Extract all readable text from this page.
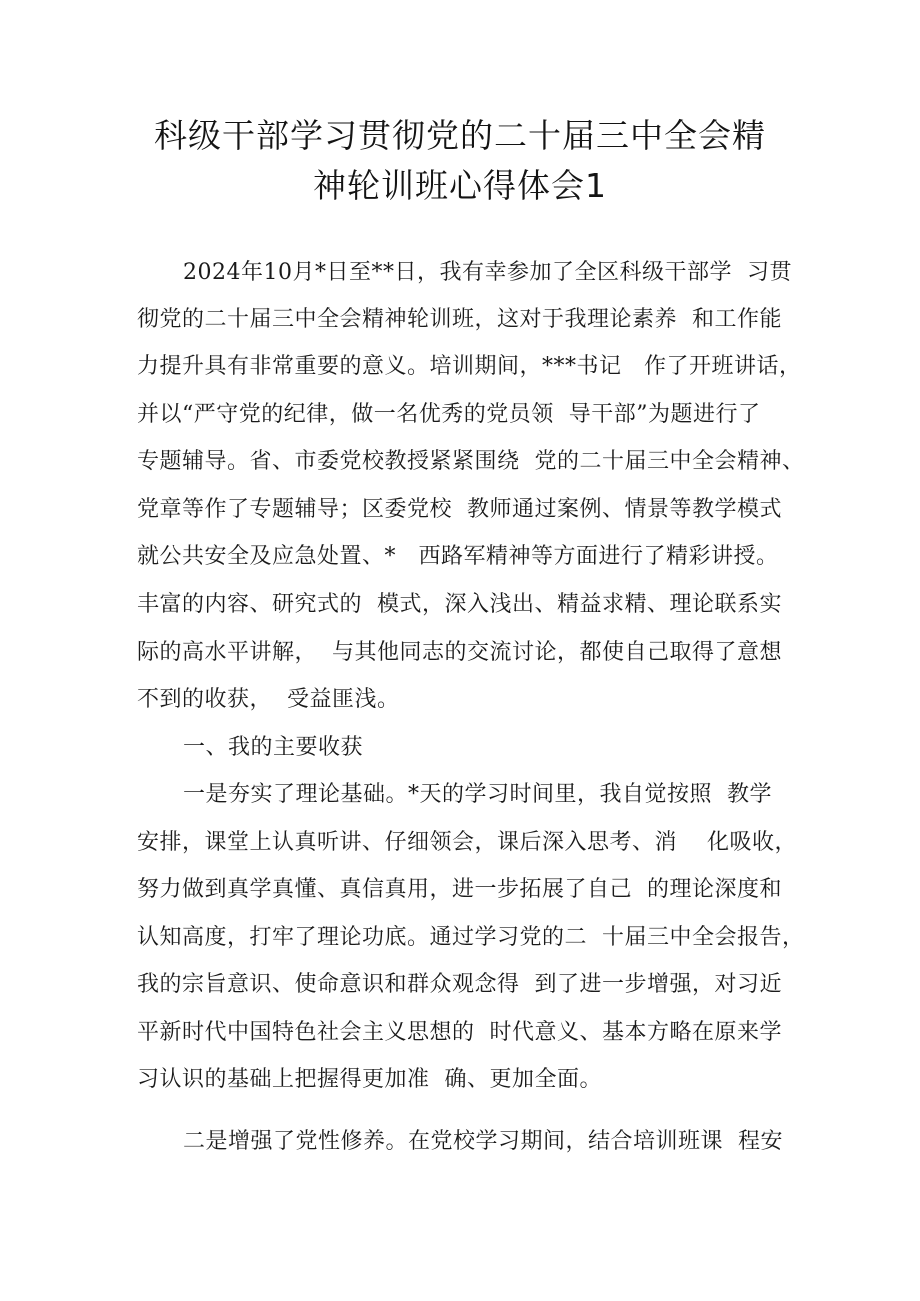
科级干部学习贯彻党的二十届三中全会精
神轮训班心得体会1

2024年10月*日至**日，我有幸参加了全区科级干部学  习贯

彻党的二十届三中全会精神轮训班，这对于我理论素养  和工作能

力提升具有非常重要的意义。培训期间，***书记   作了开班讲话，

并以“严守党的纪律，做一名优秀的党员领  导干部”为题进行了

专题辅导。省、市委党校教授紧紧围绕  党的二十届三中全会精神、

党章等作了专题辅导；区委党校  教师通过案例、情景等教学模式

就公共安全及应急处置、*   西路军精神等方面进行了精彩讲授。

丰富的内容、研究式的  模式，深入浅出、精益求精、理论联系实

际的高水平讲解，  与其他同志的交流讨论，都使自己取得了意想

不到的收获，  受益匪浅。

一、我的主要收获

一是夯实了理论基础。*天的学习时间里，我自觉按照  教学

安排，课堂上认真听讲、仔细领会，课后深入思考、消    化吸收，

努力做到真学真懂、真信真用，进一步拓展了自己  的理论深度和

认知高度，打牢了理论功底。通过学习党的二  十届三中全会报告，

我的宗旨意识、使命意识和群众观念得  到了进一步增强，对习近

平新时代中国特色社会主义思想的  时代意义、基本方略在原来学

习认识的基础上把握得更加准  确、更加全面。

二是增强了党性修养。在党校学习期间，结合培训班课  程安
